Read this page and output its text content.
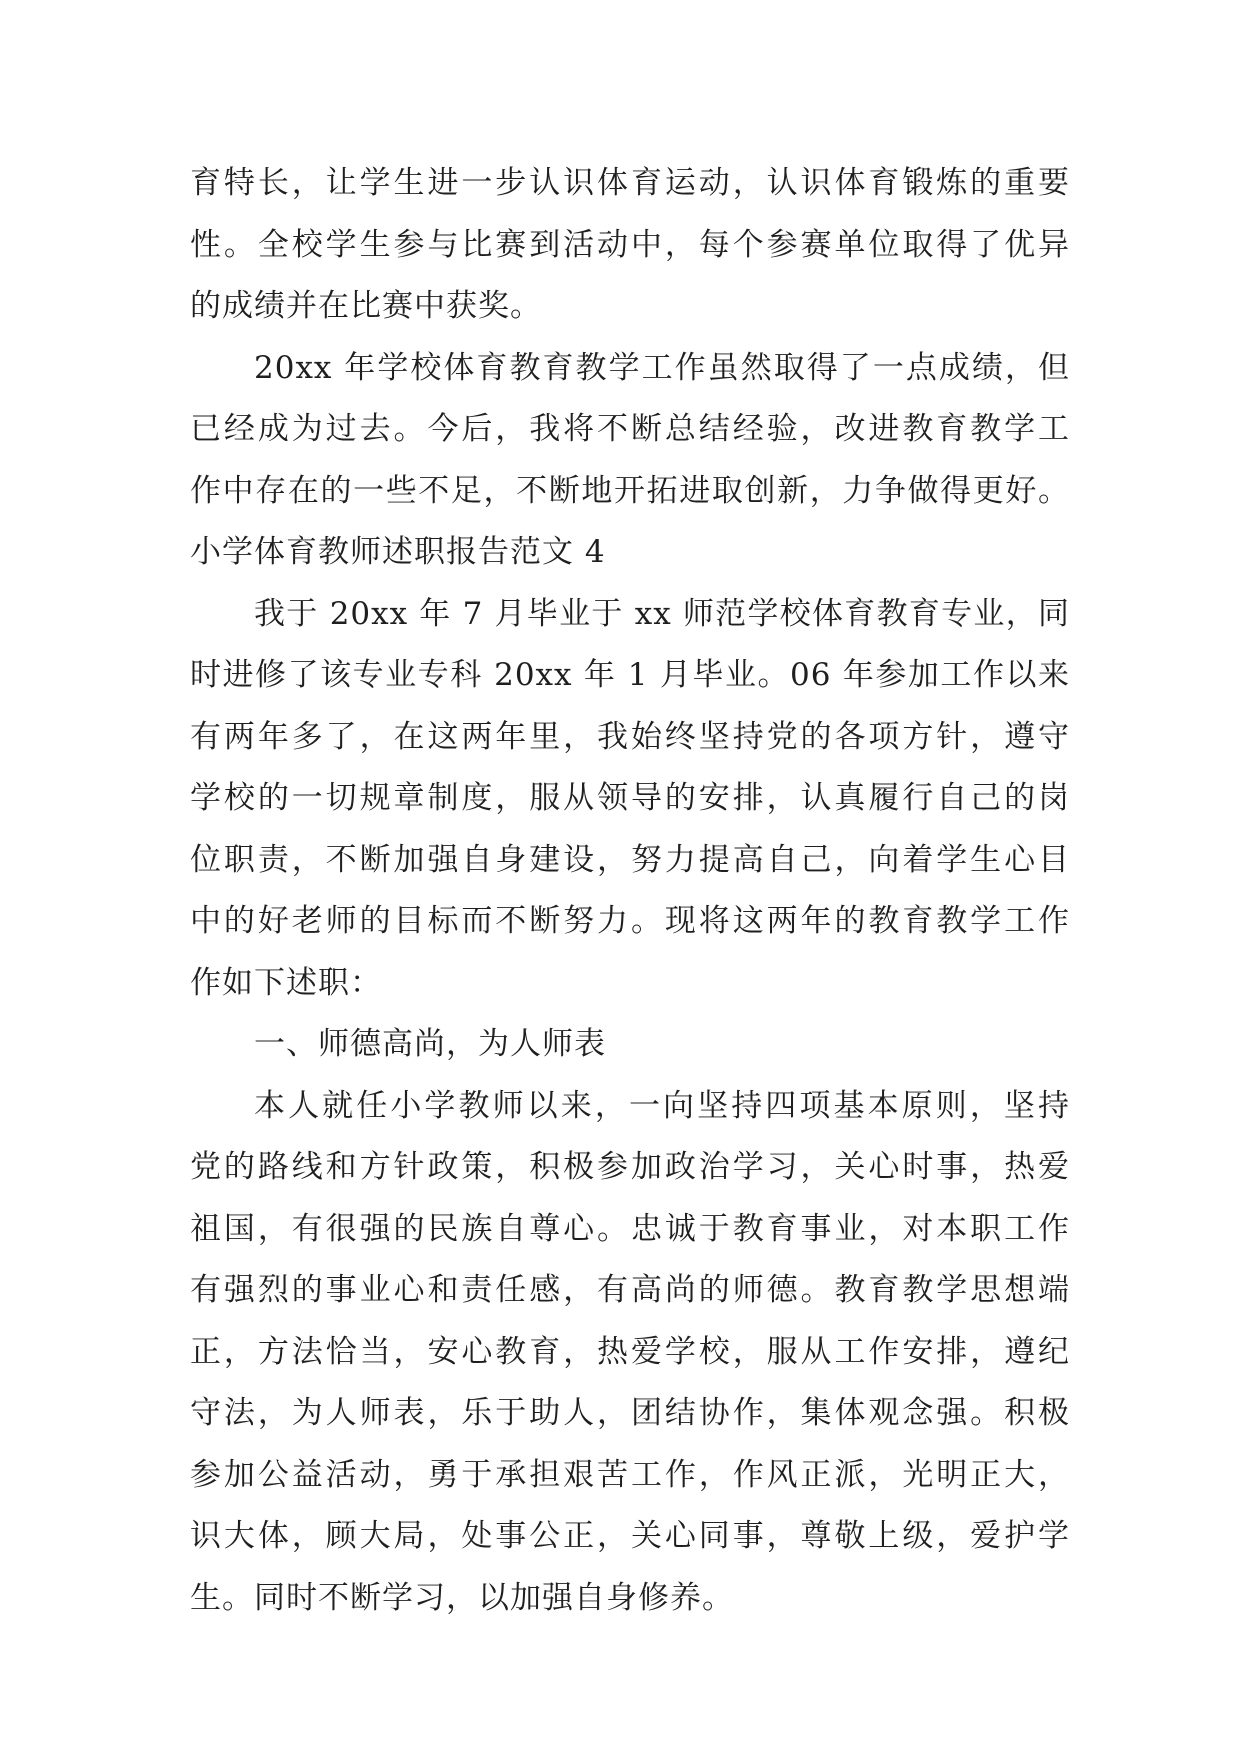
育特长，让学生进一步认识体育运动，认识体育锻炼的重要
性。全校学生参与比赛到活动中，每个参赛单位取得了优异
的成绩并在比赛中获奖。
20xx 年学校体育教育教学工作虽然取得了一点成绩，但
已经成为过去。今后，我将不断总结经验，改进教育教学工
作中存在的一些不足，不断地开拓进取创新，力争做得更好。
小学体育教师述职报告范文 4
我于 20xx 年 7 月毕业于 xx 师范学校体育教育专业，同
时进修了该专业专科 20xx 年 1 月毕业。06 年参加工作以来
有两年多了，在这两年里，我始终坚持党的各项方针，遵守
学校的一切规章制度，服从领导的安排，认真履行自己的岗
位职责，不断加强自身建设，努力提高自己，向着学生心目
中的好老师的目标而不断努力。现将这两年的教育教学工作
作如下述职：
一、师德高尚，为人师表
本人就任小学教师以来，一向坚持四项基本原则，坚持
党的路线和方针政策，积极参加政治学习，关心时事，热爱
祖国，有很强的民族自尊心。忠诚于教育事业，对本职工作
有强烈的事业心和责任感，有高尚的师德。教育教学思想端
正，方法恰当，安心教育，热爱学校，服从工作安排，遵纪
守法，为人师表，乐于助人，团结协作，集体观念强。积极
参加公益活动，勇于承担艰苦工作，作风正派，光明正大，
识大体，顾大局，处事公正，关心同事，尊敬上级，爱护学
生。同时不断学习，以加强自身修养。
